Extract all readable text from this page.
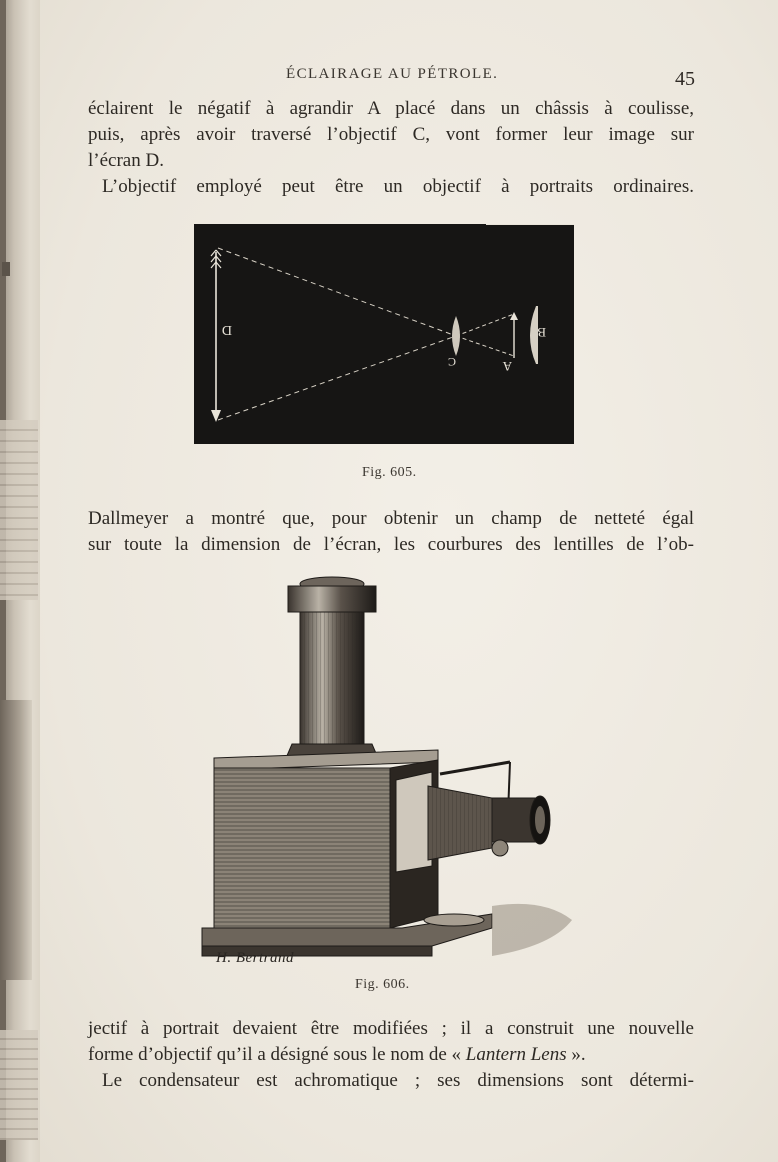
ÉCLAIRAGE AU PÉTROLE.	45
éclairent le négatif à agrandir A placé dans un châssis à coulisse,
puis, après avoir traversé l’objectif C, vont former leur image sur
l’écran D.
L’objectif employé peut être un objectif à portraits ordinaires.
D
C	A
B
Fig. 605.
Dallmeyer a montré que, pour obtenir un champ de netteté égal
sur toute la dimension de l’écran, les courbures des lentilles de l’ob-
H. Bertrand
Fig. 606.
jectif à portrait devaient être modifiées ; il a construit une nouvelle
forme d’objectif qu’il a désigné sous le nom de « Lantern Lens ».
Le condensateur est achromatique ; ses dimensions sont détermi-
